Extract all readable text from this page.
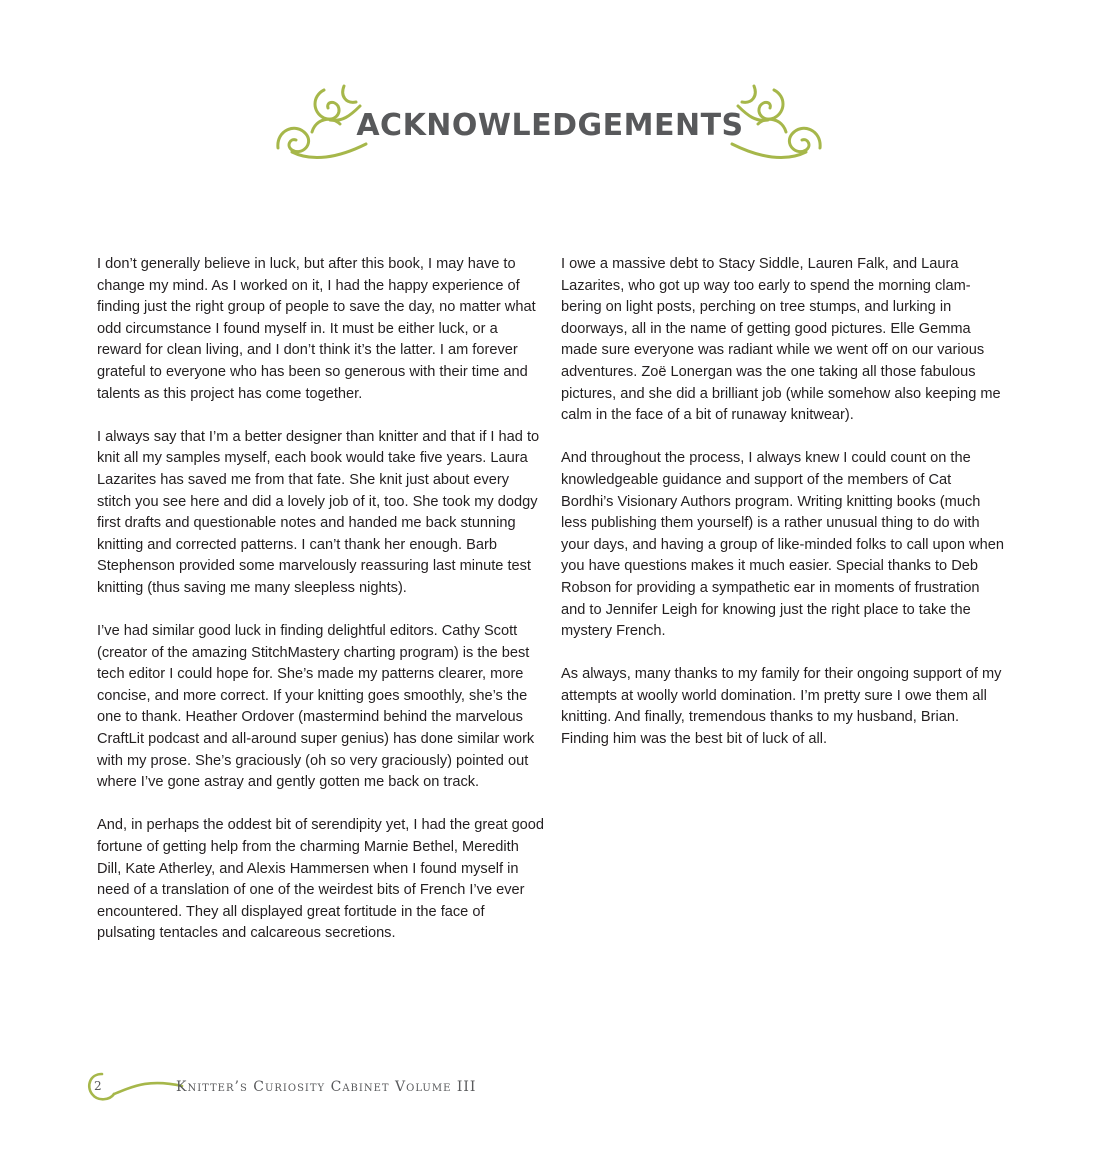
ACKNOWLEDGEMENTS

I don’t generally believe in luck, but after this book, I may have to change my mind. As I worked on it, I had the happy experience of finding just the right group of people to save the day, no matter what odd circumstance I found myself in. It must be either luck, or a reward for clean living, and I don’t think it’s the latter. I am forever grateful to everyone who has been so generous with their time and talents as this project has come together.

I always say that I’m a better designer than knitter and that if I had to knit all my samples myself, each book would take five years. Laura Lazarites has saved me from that fate. She knit just about every stitch you see here and did a lovely job of it, too. She took my dodgy first drafts and questionable notes and handed me back stunning knitting and corrected patterns. I can’t thank her enough. Barb Stephenson provided some marvelously reassuring last minute test knitting (thus saving me many sleepless nights).

I’ve had similar good luck in finding delightful editors. Cathy Scott (creator of the amazing StitchMastery charting program) is the best tech editor I could hope for. She’s made my patterns clearer, more concise, and more correct. If your knitting goes smoothly, she’s the one to thank. Heather Ordover (mastermind behind the marvelous CraftLit podcast and all-around super genius) has done similar work with my prose. She’s graciously (oh so very graciously) pointed out where I’ve gone astray and gently gotten me back on track.

And, in perhaps the oddest bit of serendipity yet, I had the great good fortune of getting help from the charming Marnie Bethel, Meredith Dill, Kate Atherley, and Alexis Hammersen when I found myself in need of a translation of one of the weirdest bits of French I’ve ever encountered. They all displayed great fortitude in the face of pulsating tentacles and calcareous secretions.

I owe a massive debt to Stacy Siddle, Lauren Falk, and Laura Lazarites, who got up way too early to spend the morning clam-bering on light posts, perching on tree stumps, and lurking in doorways, all in the name of getting good pictures. Elle Gemma made sure everyone was radiant while we went off on our various adventures. Zoë Lonergan was the one taking all those fabulous pictures, and she did a brilliant job (while somehow also keeping me calm in the face of a bit of runaway knitwear).

And throughout the process, I always knew I could count on the knowledgeable guidance and support of the members of Cat Bordhi’s Visionary Authors program. Writing knitting books (much less publishing them yourself) is a rather unusual thing to do with your days, and having a group of like-minded folks to call upon when you have questions makes it much easier. Special thanks to Deb Robson for providing a sympathetic ear in moments of frustration and to Jennifer Leigh for knowing just the right place to take the mystery French.

As always, many thanks to my family for their ongoing support of my attempts at woolly world domination. I’m pretty sure I owe them all knitting. And finally, tremendous thanks to my husband, Brian. Finding him was the best bit of luck of all.

2	Knitter’s Curiosity Cabinet Volume III
